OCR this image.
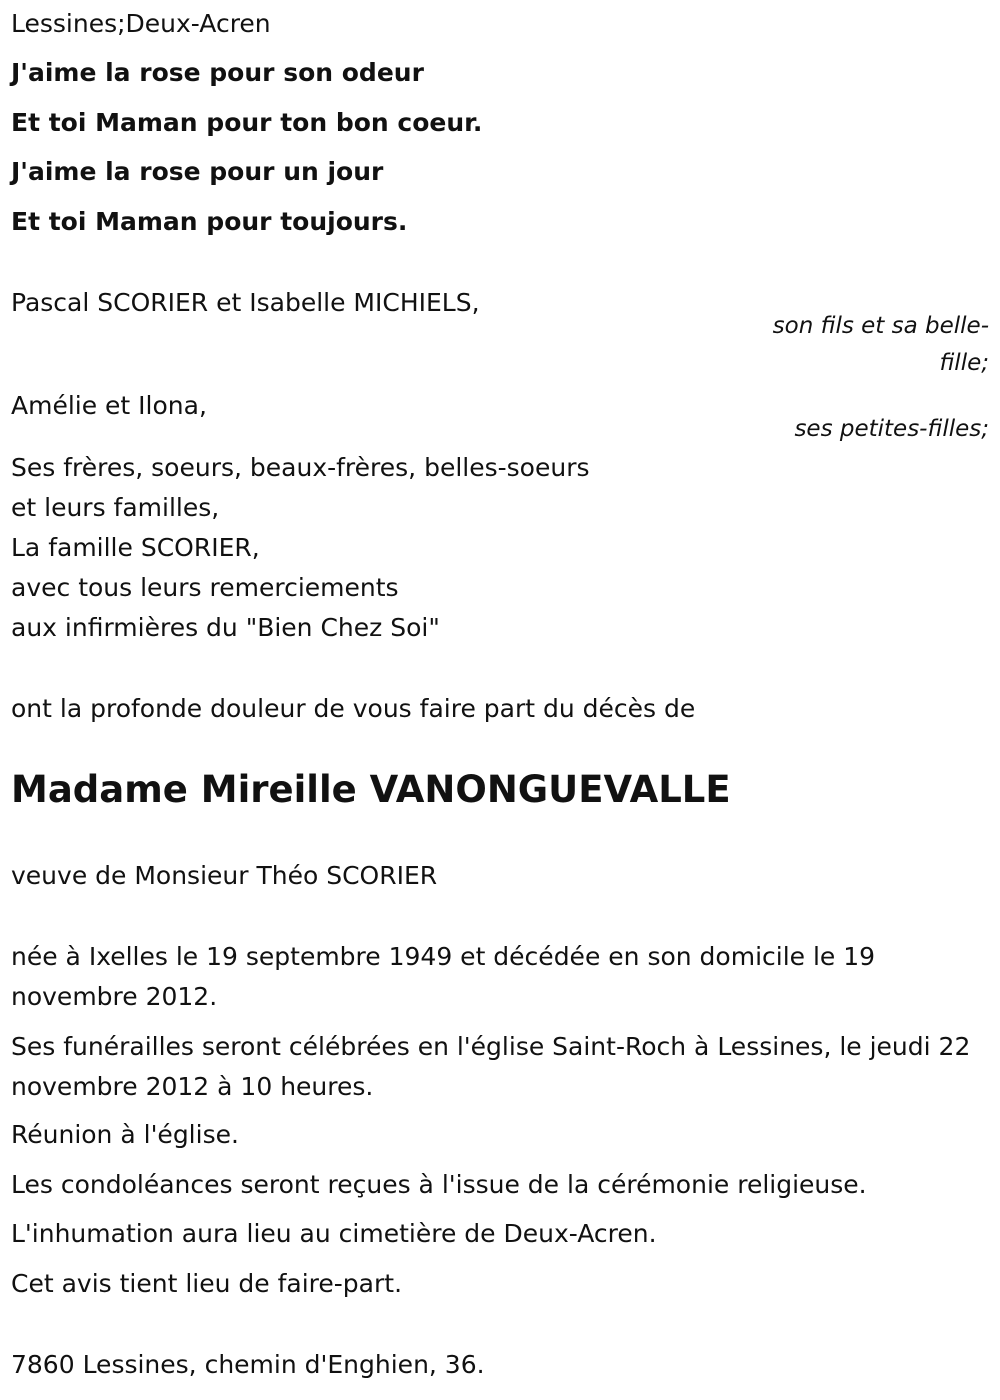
Lessines;Deux-Acren
J'aime la rose pour son odeur
Et toi Maman pour ton bon coeur.
J'aime la rose pour un jour
Et toi Maman pour toujours.
Pascal SCORIER et Isabelle MICHIELS,
son fils et sa belle-fille;
Amélie et Ilona,
ses petites-filles;
Ses frères, soeurs, beaux-frères, belles-soeurs
et leurs familles,
La famille SCORIER,
avec tous leurs remerciements
aux infirmières du "Bien Chez Soi"
ont la profonde douleur de vous faire part du décès de
Madame Mireille VANONGUEVALLE
veuve de Monsieur Théo SCORIER
née à Ixelles le 19 septembre 1949 et décédée en son domicile le 19 novembre 2012.
Ses funérailles seront célébrées en l'église Saint-Roch à Lessines, le jeudi 22 novembre 2012 à 10 heures.
Réunion à l'église.
Les condoléances seront reçues à l'issue de la cérémonie religieuse.
L'inhumation aura lieu au cimetière de Deux-Acren.
Cet avis tient lieu de faire-part.
7860 Lessines, chemin d'Enghien, 36.
